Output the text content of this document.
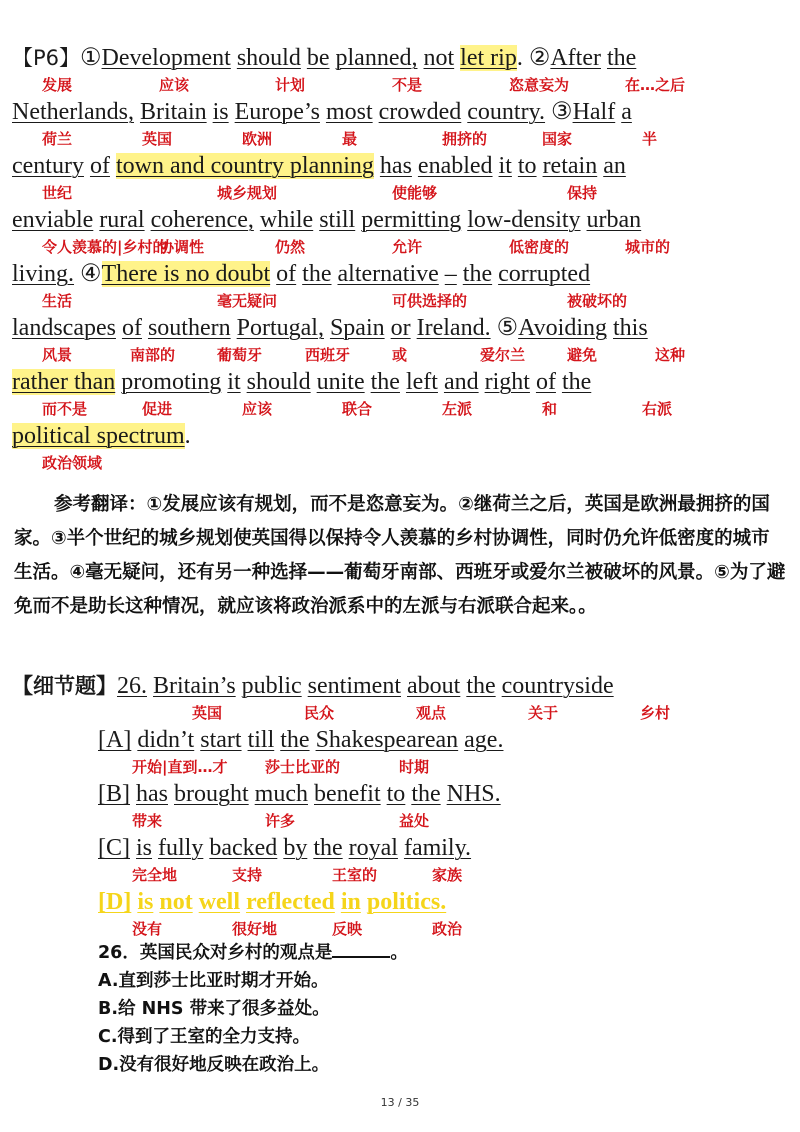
【P6】①Development should be planned, not let rip. ②After the
发展	应该	计划	不是	恣意妄为	在…之后
Netherlands, Britain is Europe’s most crowded country. ③Half a
荷兰	英国	欧洲	最	拥挤的	国家	半
century of town and country planning has enabled it to retain an
世纪	城乡规划	使能够	保持
enviable rural coherence, while still permitting low-density urban
令人羡慕的|乡村的
协调性	仍然	允许	低密度的	城市的
living. ④There is no doubt of the alternative – the corrupted
生活	毫无疑问	可供选择的	被破坏的
landscapes of southern Portugal, Spain or Ireland. ⑤Avoiding this
风景	南部的	葡萄牙	西班牙	或	爱尔兰	避免	这种
rather than promoting it should unite the left and right of the
而不是	促进	应该	联合	左派	和	右派
political spectrum.
政治领域
参考翻译：①发展应该有规划，而不是恣意妄为。②继荷兰之后，英国是欧洲最拥挤的国家。③半个世纪的城乡规划使英国得以保持令人羡慕的乡村协调性，同时仍允许低密度的城市生活。④毫无疑问，还有另一种选择——葡萄牙南部、西班牙或爱尔兰被破坏的风景。⑤为了避免而不是助长这种情况，就应该将政治派系中的左派与右派联合起来。。
【细节题】26. Britain’s public sentiment about the countryside
英国	民众	观点	关于	乡村
[A] didn’t start till the Shakespearean age.
开始|直到…才	莎士比亚的	时期
[B] has brought much benefit to the NHS.
带来	许多	益处
[C] is fully backed by the royal family.
完全地	支持	王室的	家族
[D] is not well reflected in politics.
没有	很好地	反映	政治
26．英国民众对乡村的观点是	。
A.直到莎士比亚时期才开始。
B.给 NHS 带来了很多益处。
C.得到了王室的全力支持。
D.没有很好地反映在政治上。
13 / 35
